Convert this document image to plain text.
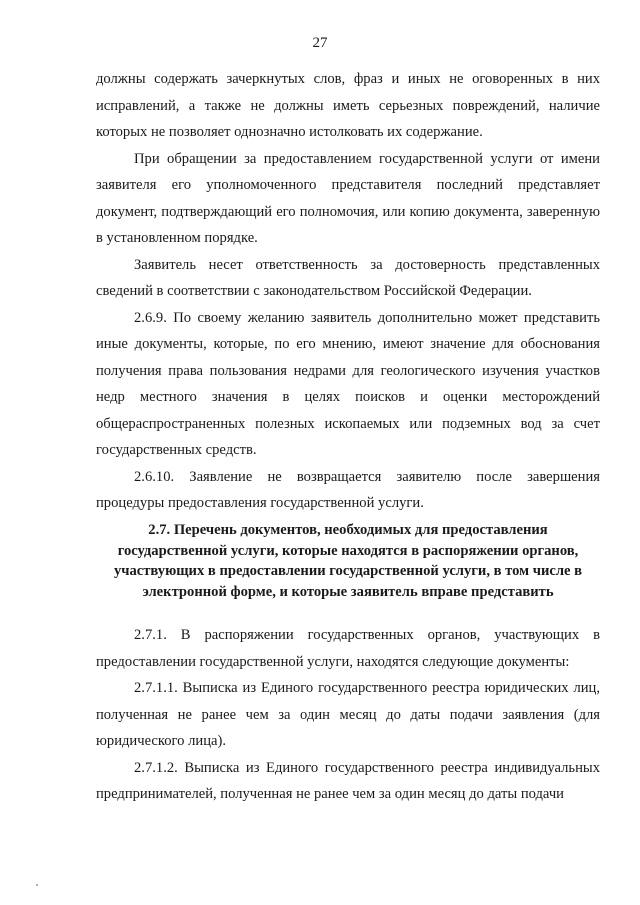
27

должны содержать зачеркнутых слов, фраз и иных не оговоренных в них исправлений, а также не должны иметь серьезных повреждений, наличие которых не позволяет однозначно истолковать их содержание.

При обращении за предоставлением государственной услуги от имени заявителя его уполномоченного представителя последний представляет документ, подтверждающий его полномочия, или копию документа, заверенную в установленном порядке.

Заявитель несет ответственность за достоверность представленных сведений в соответствии с законодательством Российской Федерации.

2.6.9. По своему желанию заявитель дополнительно может представить иные документы, которые, по его мнению, имеют значение для обоснования получения права пользования недрами для геологического изучения участков недр местного значения в целях поисков и оценки месторождений общераспространенных полезных ископаемых или подземных вод за счет государственных средств.

2.6.10. Заявление не возвращается заявителю после завершения процедуры предоставления государственной услуги.

2.7. Перечень документов, необходимых для предоставления государственной услуги, которые находятся в распоряжении органов, участвующих в предоставлении государственной услуги, в том числе в электронной форме, и которые заявитель вправе представить

2.7.1. В распоряжении государственных органов, участвующих в предоставлении государственной услуги, находятся следующие документы:

2.7.1.1. Выписка из Единого государственного реестра юридических лиц, полученная не ранее чем за один месяц до даты подачи заявления (для юридического лица).

2.7.1.2. Выписка из Единого государственного реестра индивидуальных предпринимателей, полученная не ранее чем за один месяц до даты подачи
